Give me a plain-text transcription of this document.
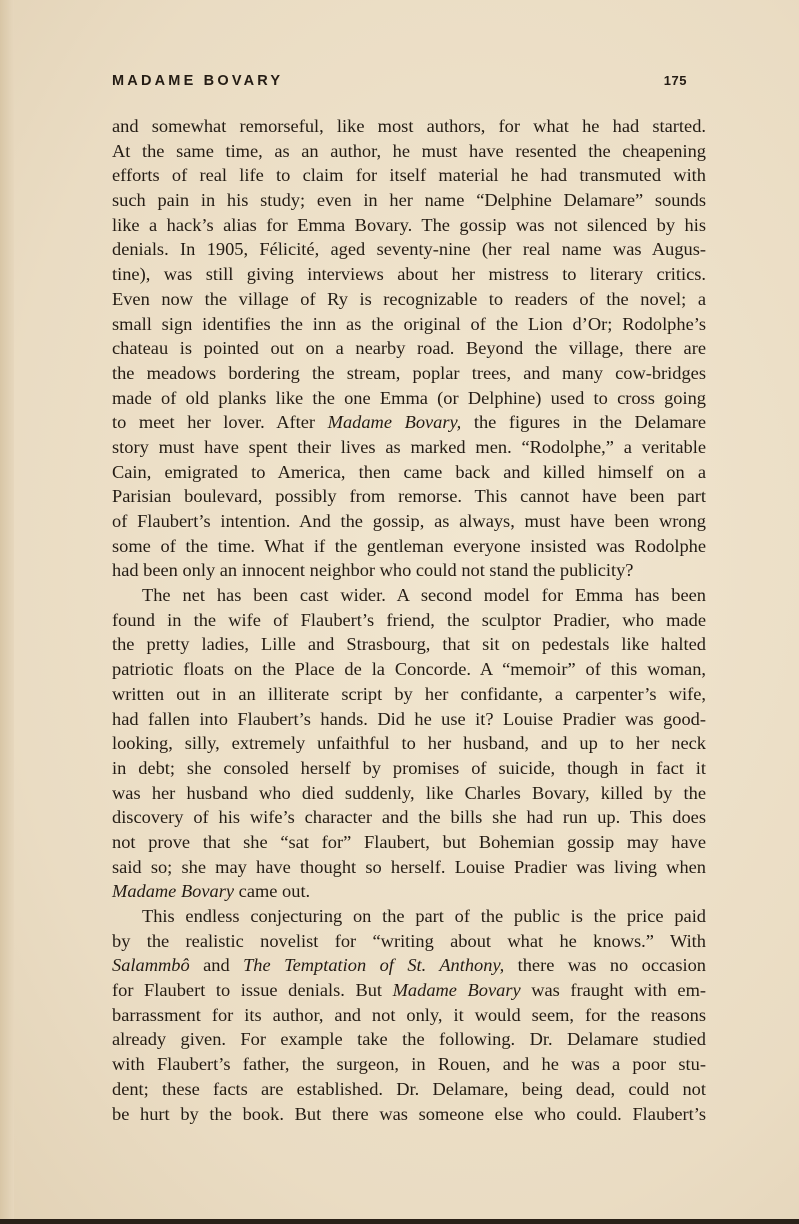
MADAME BOVARY	175
and somewhat remorseful, like most authors, for what he had started.
At the same time, as an author, he must have resented the cheapening
efforts of real life to claim for itself material he had transmuted with
such pain in his study; even in her name “Delphine Delamare” sounds
like a hack’s alias for Emma Bovary. The gossip was not silenced by his
denials. In 1905, Félicité, aged seventy-nine (her real name was Augus-
tine), was still giving interviews about her mistress to literary critics.
Even now the village of Ry is recognizable to readers of the novel; a
small sign identifies the inn as the original of the Lion d’Or; Rodolphe’s
chateau is pointed out on a nearby road. Beyond the village, there are
the meadows bordering the stream, poplar trees, and many cow-bridges
made of old planks like the one Emma (or Delphine) used to cross going
to meet her lover. After Madame Bovary, the figures in the Delamare
story must have spent their lives as marked men. “Rodolphe,” a veritable
Cain, emigrated to America, then came back and killed himself on a
Parisian boulevard, possibly from remorse. This cannot have been part
of Flaubert’s intention. And the gossip, as always, must have been wrong
some of the time. What if the gentleman everyone insisted was Rodolphe
had been only an innocent neighbor who could not stand the publicity?
The net has been cast wider. A second model for Emma has been
found in the wife of Flaubert’s friend, the sculptor Pradier, who made
the pretty ladies, Lille and Strasbourg, that sit on pedestals like halted
patriotic floats on the Place de la Concorde. A “memoir” of this woman,
written out in an illiterate script by her confidante, a carpenter’s wife,
had fallen into Flaubert’s hands. Did he use it? Louise Pradier was good-
looking, silly, extremely unfaithful to her husband, and up to her neck
in debt; she consoled herself by promises of suicide, though in fact it
was her husband who died suddenly, like Charles Bovary, killed by the
discovery of his wife’s character and the bills she had run up. This does
not prove that she “sat for” Flaubert, but Bohemian gossip may have
said so; she may have thought so herself. Louise Pradier was living when
Madame Bovary came out.
This endless conjecturing on the part of the public is the price paid
by the realistic novelist for “writing about what he knows.” With
Salammbô and The Temptation of St. Anthony, there was no occasion
for Flaubert to issue denials. But Madame Bovary was fraught with em-
barrassment for its author, and not only, it would seem, for the reasons
already given. For example take the following. Dr. Delamare studied
with Flaubert’s father, the surgeon, in Rouen, and he was a poor stu-
dent; these facts are established. Dr. Delamare, being dead, could not
be hurt by the book. But there was someone else who could. Flaubert’s
